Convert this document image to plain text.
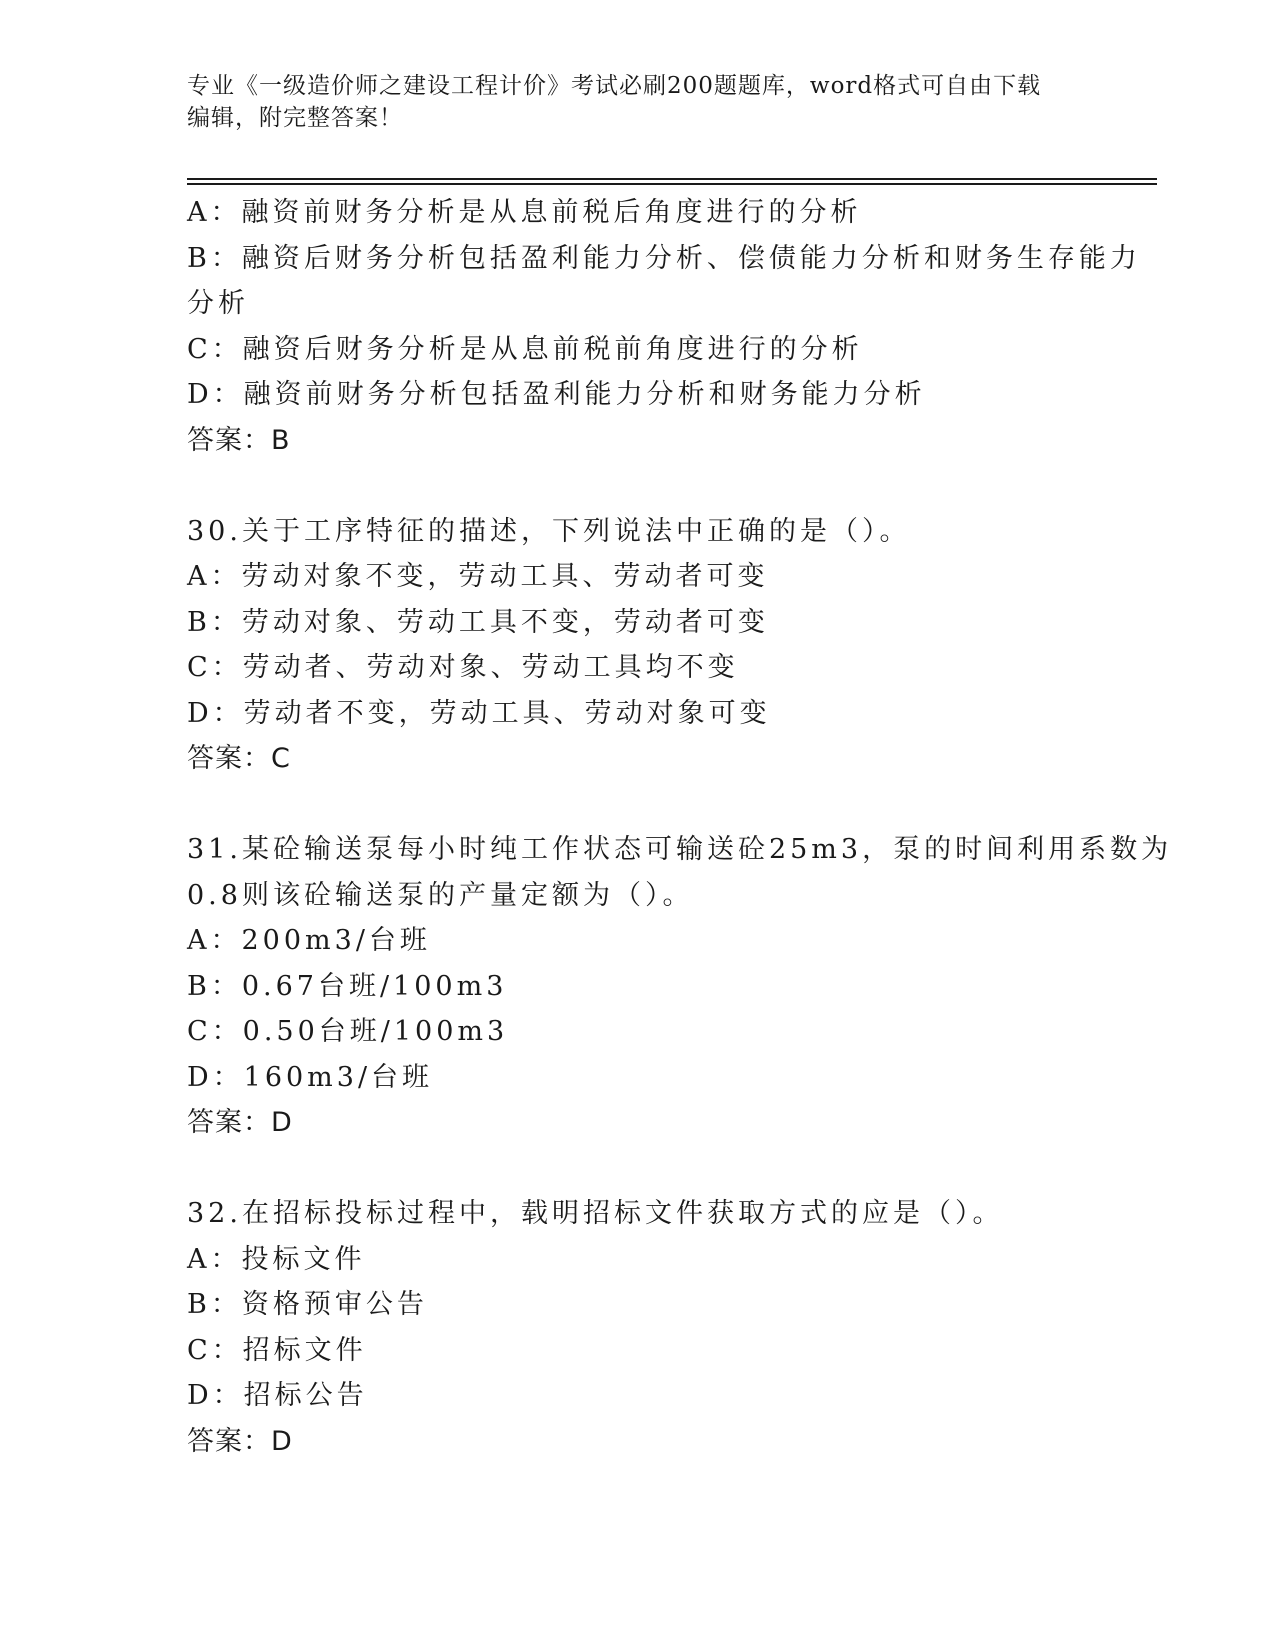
专业《一级造价师之建设工程计价》考试必刷200题题库，word格式可自由下载
编辑，附完整答案！
A：融资前财务分析是从息前税后角度进行的分析
B：融资后财务分析包括盈利能力分析、偿债能力分析和财务生存能力
分析
C：融资后财务分析是从息前税前角度进行的分析
D：融资前财务分析包括盈利能力分析和财务能力分析
答案：B
30.关于工序特征的描述，下列说法中正确的是（）。
A：劳动对象不变，劳动工具、劳动者可变
B：劳动对象、劳动工具不变，劳动者可变
C：劳动者、劳动对象、劳动工具均不变
D：劳动者不变，劳动工具、劳动对象可变
答案：C
31.某砼输送泵每小时纯工作状态可输送砼25m3，泵的时间利用系数为
0.8则该砼输送泵的产量定额为（）。
A：200m3/台班
B：0.67台班/100m3
C：0.50台班/100m3
D：160m3/台班
答案：D
32.在招标投标过程中，载明招标文件获取方式的应是（）。
A：投标文件
B：资格预审公告
C：招标文件
D：招标公告
答案：D
